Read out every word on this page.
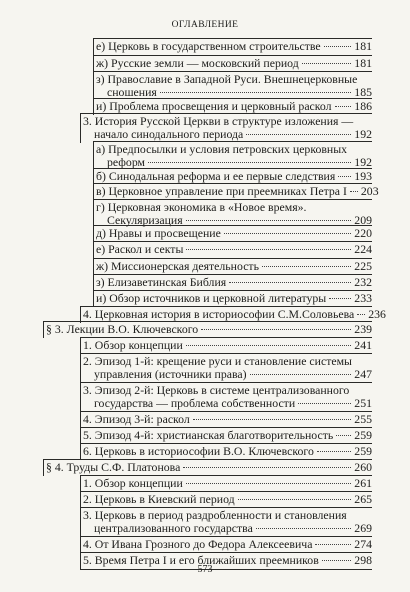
ОГЛАВЛЕНИЕ
е) Церковь в государственном строительстве	181
ж) Русские земли — московский период	181
з) Православие в Западной Руси. Внешнецерковные
сношения	185
и) Проблема просвещения и церковный раскол 186
3. История Русской Церкви в структуре изложения —
начало синодального периода	192
а) Предпосылки и условия петровских церковных
реформ	192
б) Синодальная реформа и ее первые следствия 193
в) Церковное управление при преемниках Петра I 203
г) Церковная экономика в «Новое время».
Секуляризация	209
д) Нравы и просвещение	220
е) Раскол и секты	224
ж) Миссионерская деятельность	225
з) Елизаветинская Библия	232
и) Обзор источников и церковной литературы 233
4. Церковная история в историософии С.М.Соловьева 236
§ 3. Лекции В.О. Ключевского	239
1. Обзор концепции	241
2. Эпизод 1-й: крещение руси и становление системы
управления (источники права)	247
3. Эпизод 2-й: Церковь в системе централизованного
государства — проблема собственности	251
4. Эпизод 3-й: раскол	255
5. Эпизод 4-й: христианская благотворительность 259
6. Церковь в историософии В.О. Ключевского	259
§ 4. Труды С.Ф. Платонова	260
1. Обзор концепции	261
2. Церковь в Киевский период	265
3. Церковь в период раздробленности и становления
централизованного государства	269
4. От Ивана Грозного до Федора Алексеевича	274
5. Время Петра I и его ближайших преемников	298
573
